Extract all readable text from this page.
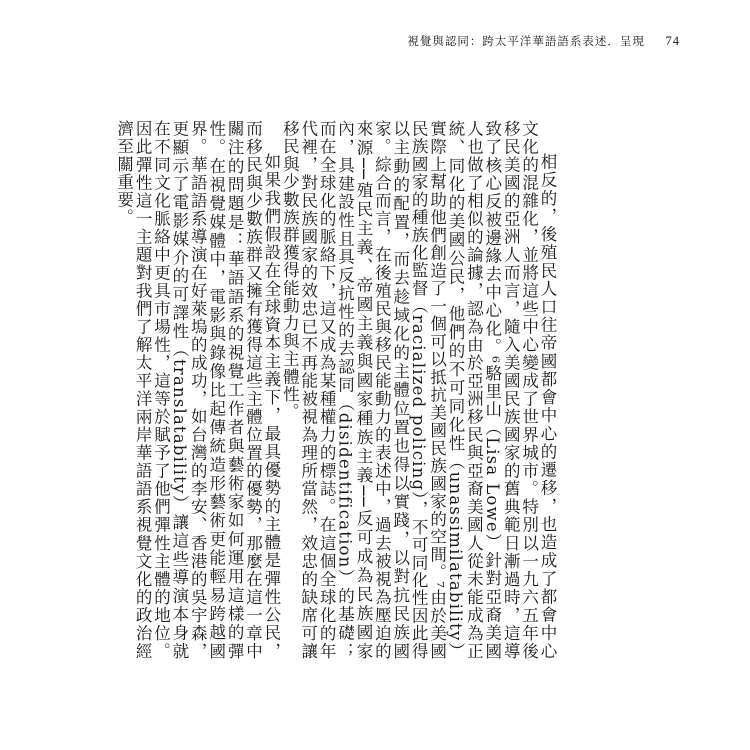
視覺與認同：跨太平洋華語語系表述．呈現 74

相反的，後殖民人口往帝國都會中心的遷移，也造成了都會中心文化的混雜化，並將這些中心變成了世界城市。特別以一九六五年後移民美國的亞洲人而言，隨入美國民族國家的舊典範日漸過時，這導致了核心反被邊緣去中心化。⁶駱里山（Lisa Lowe）針對亞裔美國人也做了相似的論據，認為由於亞洲移民與亞裔美國人從未能成為正統、同化的美國公民，他們的不可同化性（unassimilatability）實際上幫助他們創造了一個可以抵抗美國民族國家的空間。⁷由於美國民族國家的種族化監督（racialized policing），不可同化性因此得以主動的配置，而去趁域化的主體位置也得以實踐，以對抗民族國家。綜合而言，在後殖民與移民能動力的表述中，過去被視為壓迫的來源──殖民主義、帝國主義與國家種族主義──反可成為民族國家內，具建設性且具反抗性的去認同（disidentification）的基礎；而在全球化的脈絡下，這又成為某種權力的標誌。在這個全球化的年代裡，對民族國家的效忠已不再能被視為理所當然，效忠的缺席可讓移民與少數族群獲得能動力與主體性。

如果我們假設在全球資本主義下，最具優勢的主體是彈性公民，而移民與少數族群又擁有獲得這些主體位置的優勢，那麼在這一章中關注的問題是：華語語系的視覺工作者與藝術家如何運用這樣的彈性。在視覺媒體中，電影與錄像比起傳統造形藝術更能輕易跨越國界。華語語系導演在好萊塢的成功，如台灣的李安、香港的吳宇森，更顯示了電影媒介的可譯性（translatability）讓這些導演本身就在不同文化脈絡中更具市場性，這等於賦予了他們彈性主體的地位。因此彈性這一主題對我們了解太平洋兩岸華語語系視覺文化的政治經濟至關重要。
